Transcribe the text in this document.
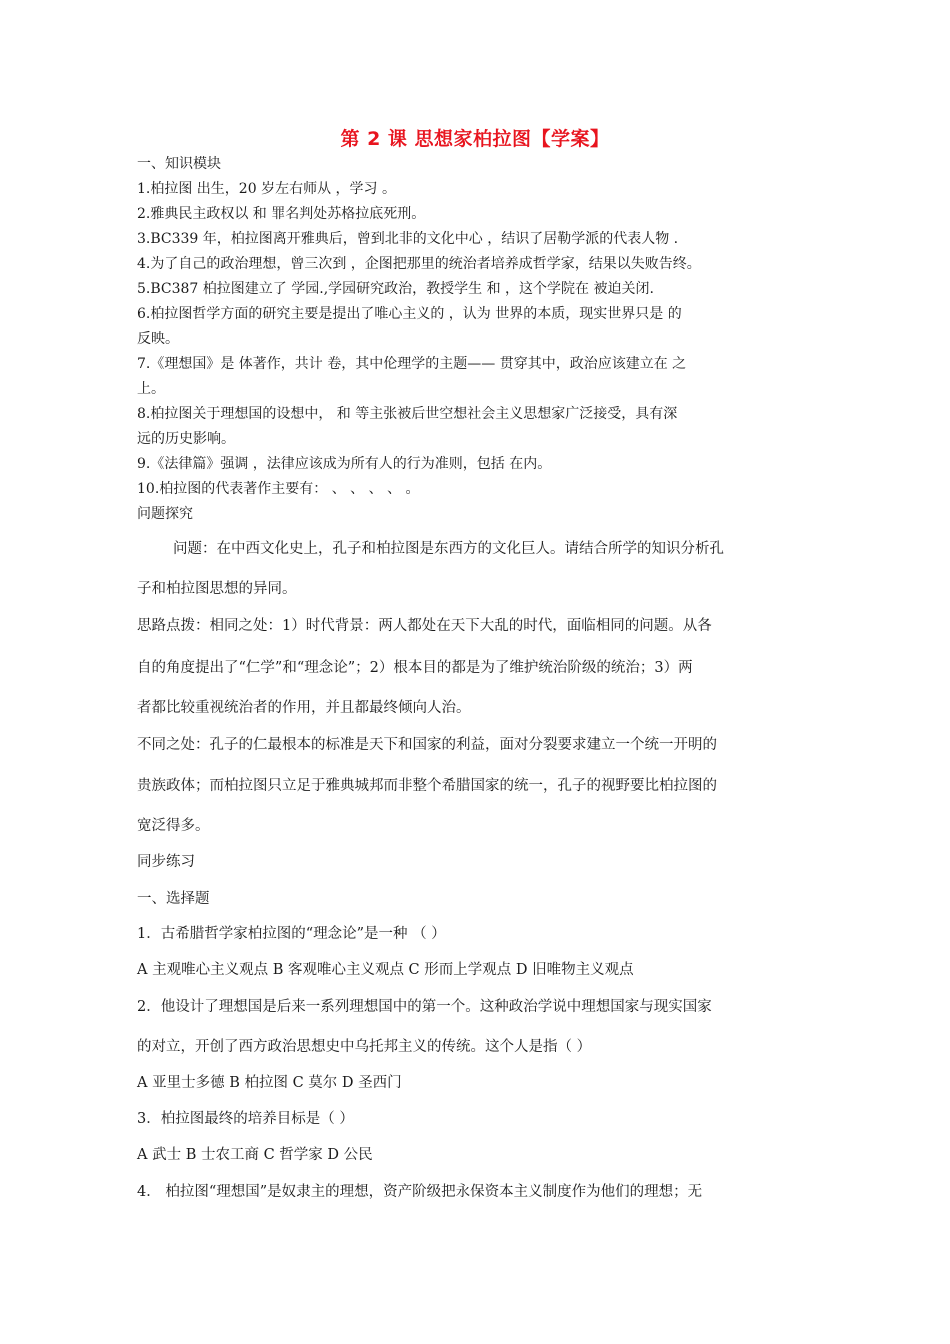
第 2 课 思想家柏拉图【学案】
一、知识模块
1.柏拉图 出生，20 岁左右师从 ，学习 。
2.雅典民主政权以 和 罪名判处苏格拉底死刑。
3.BC339 年，柏拉图离开雅典后，曾到北非的文化中心 ，结识了居勒学派的代表人物 .
4.为了自己的政治理想，曾三次到 ，企图把那里的统治者培养成哲学家，结果以失败告终。
5.BC387 柏拉图建立了 学园.,学园研究政治，教授学生 和 ，这个学院在 被迫关闭.
6.柏拉图哲学方面的研究主要是提出了唯心主义的 ，认为 世界的本质，现实世界只是 的
反映。
7.《理想国》是 体著作，共计 卷，其中伦理学的主题—— 贯穿其中，政治应该建立在 之
上。
8.柏拉图关于理想国的设想中， 和 等主张被后世空想社会主义思想家广泛接受，具有深
远的历史影响。
9.《法律篇》强调 ，法律应该成为所有人的行为准则，包括 在内。
10.柏拉图的代表著作主要有： 、 、 、 、 。
问题探究
问题：在中西文化史上，孔子和柏拉图是东西方的文化巨人。请结合所学的知识分析孔
子和柏拉图思想的异同。
思路点拨：相同之处：1）时代背景：两人都处在天下大乱的时代，面临相同的问题。从各
自的角度提出了“仁学”和“理念论”；2）根本目的都是为了维护统治阶级的统治；3）两
者都比较重视统治者的作用，并且都最终倾向人治。
不同之处：孔子的仁最根本的标准是天下和国家的利益，面对分裂要求建立一个统一开明的
贵族政体；而柏拉图只立足于雅典城邦而非整个希腊国家的统一，孔子的视野要比柏拉图的
宽泛得多。
同步练习
一、选择题
1．古希腊哲学家柏拉图的“理念论”是一种 （ ）
A 主观唯心主义观点 B 客观唯心主义观点 C 形而上学观点 D 旧唯物主义观点
2．他设计了理想国是后来一系列理想国中的第一个。这种政治学说中理想国家与现实国家
的对立，开创了西方政治思想史中乌托邦主义的传统。这个人是指（ ）
A 亚里士多德 B 柏拉图 C 莫尔 D 圣西门
3．柏拉图最终的培养目标是（ ）
A 武士 B 士农工商 C 哲学家 D 公民
4． 柏拉图“理想国”是奴隶主的理想，资产阶级把永保资本主义制度作为他们的理想；无
